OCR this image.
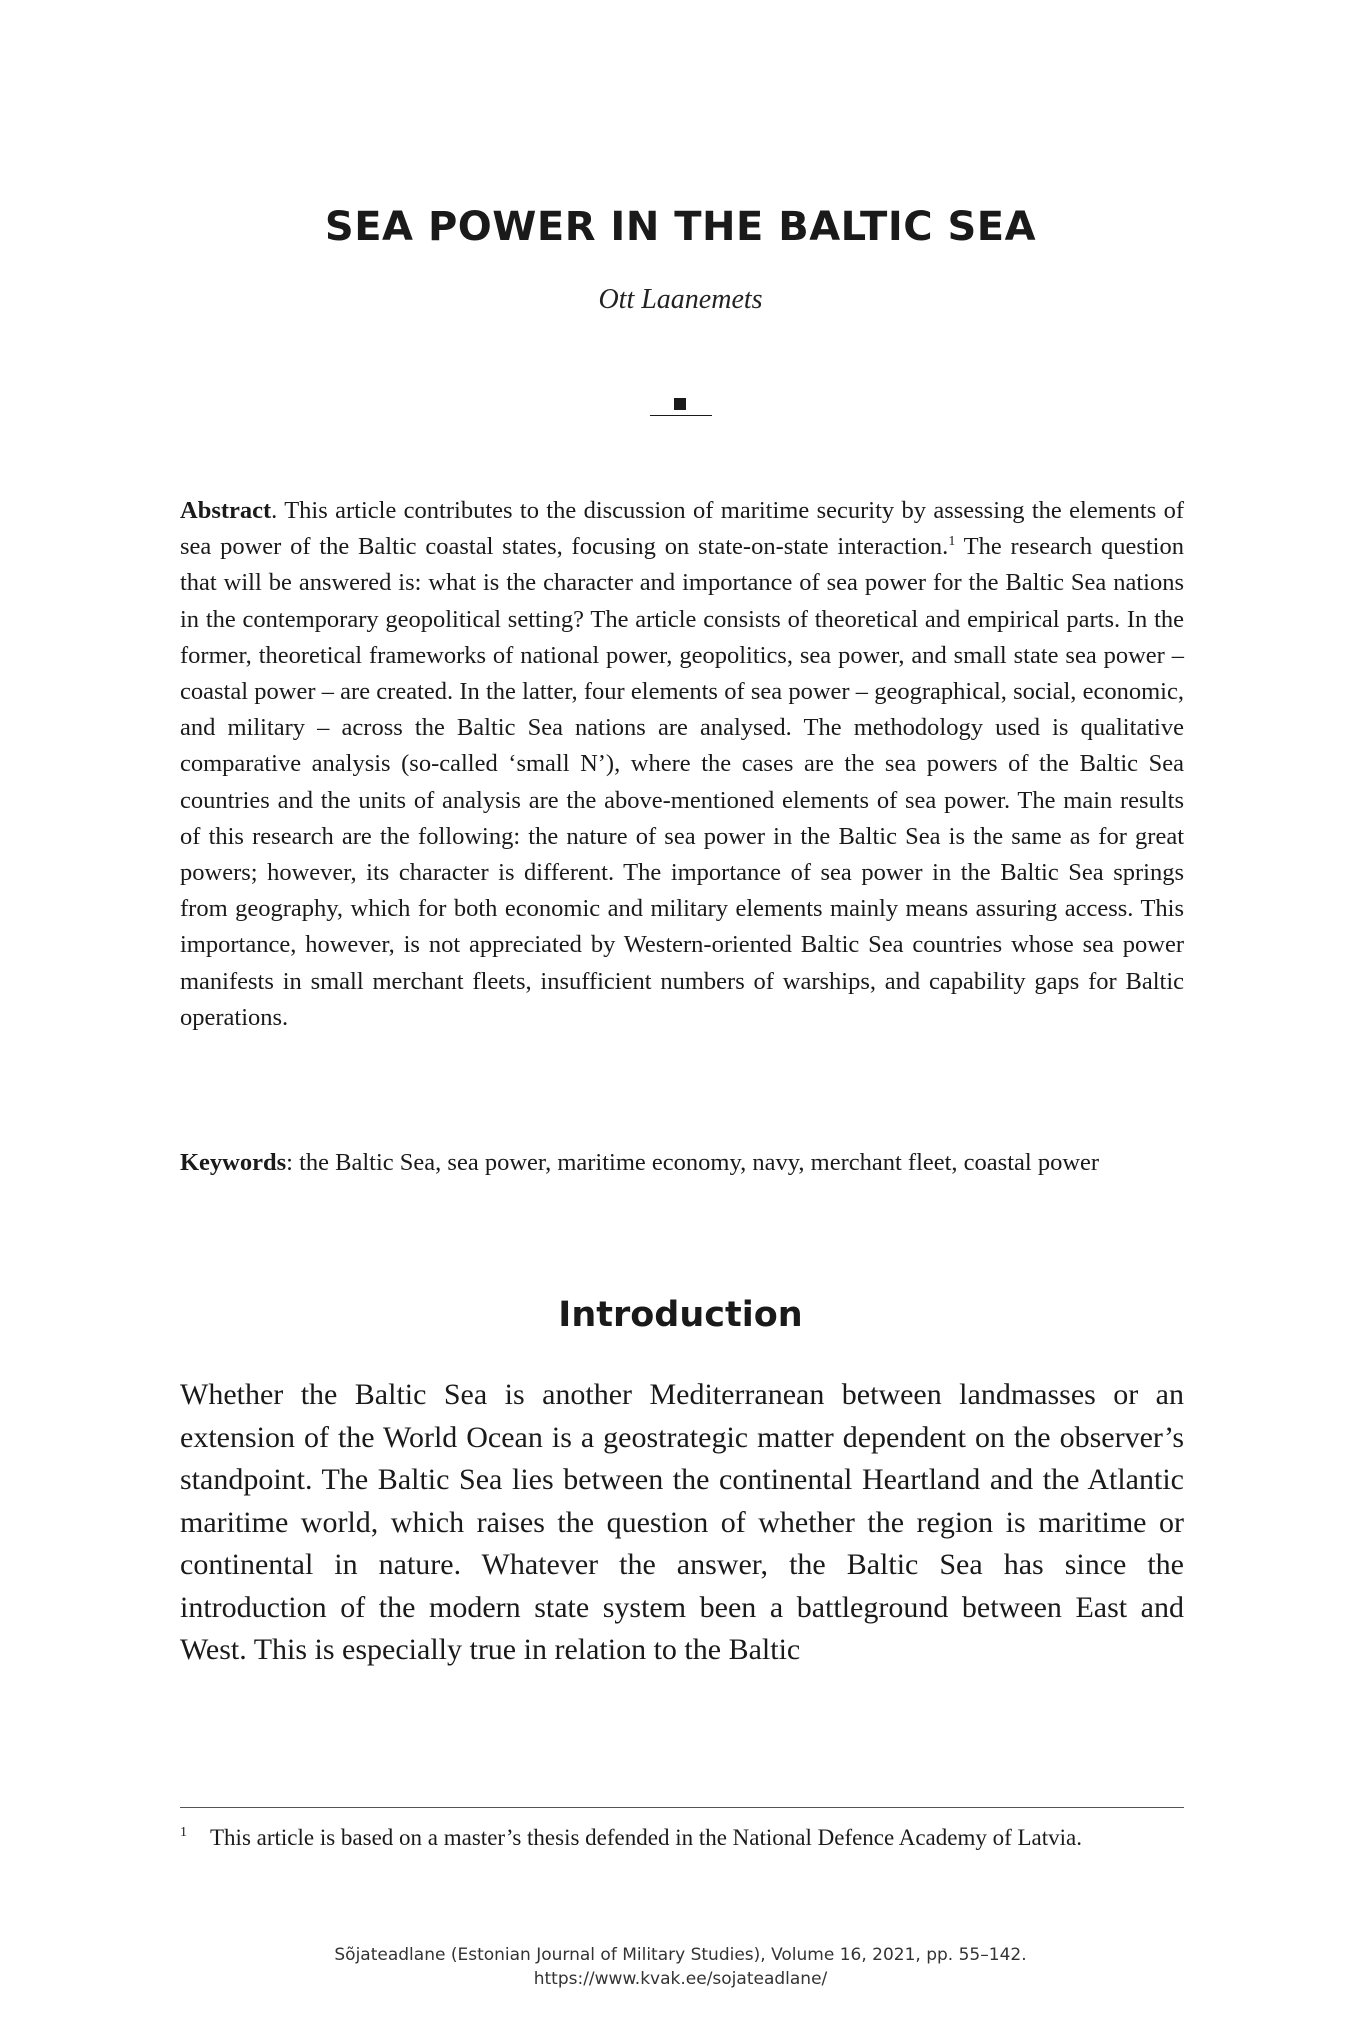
SEA POWER IN THE BALTIC SEA
Ott Laanemets
Abstract. This article contributes to the discussion of maritime security by assessing the elements of sea power of the Baltic coastal states, focusing on state-on-state interaction.$^1$ The research question that will be answered is: what is the character and importance of sea power for the Baltic Sea nations in the contemporary geopolitical setting? The article consists of theoretical and empirical parts. In the former, theoretical frameworks of national power, geopolitics, sea power, and small state sea power – coastal power – are created. In the latter, four elements of sea power – geographical, social, economic, and military – across the Baltic Sea nations are analysed. The methodology used is qualitative comparative analysis (so-called ‘small N’), where the cases are the sea powers of the Baltic Sea countries and the units of analysis are the above-mentioned elements of sea power. The main results of this research are the following: the nature of sea power in the Baltic Sea is the same as for great powers; however, its character is different. The importance of sea power in the Baltic Sea springs from geography, which for both economic and military elements mainly means assuring access. This importance, however, is not appreciated by Western-oriented Baltic Sea countries whose sea power manifests in small merchant fleets, insufficient numbers of warships, and capability gaps for Baltic operations.
Keywords: the Baltic Sea, sea power, maritime economy, navy, merchant fleet, coastal power
Introduction
Whether the Baltic Sea is another Mediterranean between landmasses or an extension of the World Ocean is a geostrategic matter dependent on the observer’s standpoint. The Baltic Sea lies between the continental Heartland and the Atlantic maritime world, which raises the question of whether the region is maritime or continental in nature. Whatever the answer, the Baltic Sea has since the introduction of the modern state system been a battleground between East and West. This is especially true in relation to the Baltic
1 This article is based on a master’s thesis defended in the National Defence Academy of Latvia.
Sõjateadlane (Estonian Journal of Military Studies), Volume 16, 2021, pp. 55–142.
https://www.kvak.ee/sojateadlane/
